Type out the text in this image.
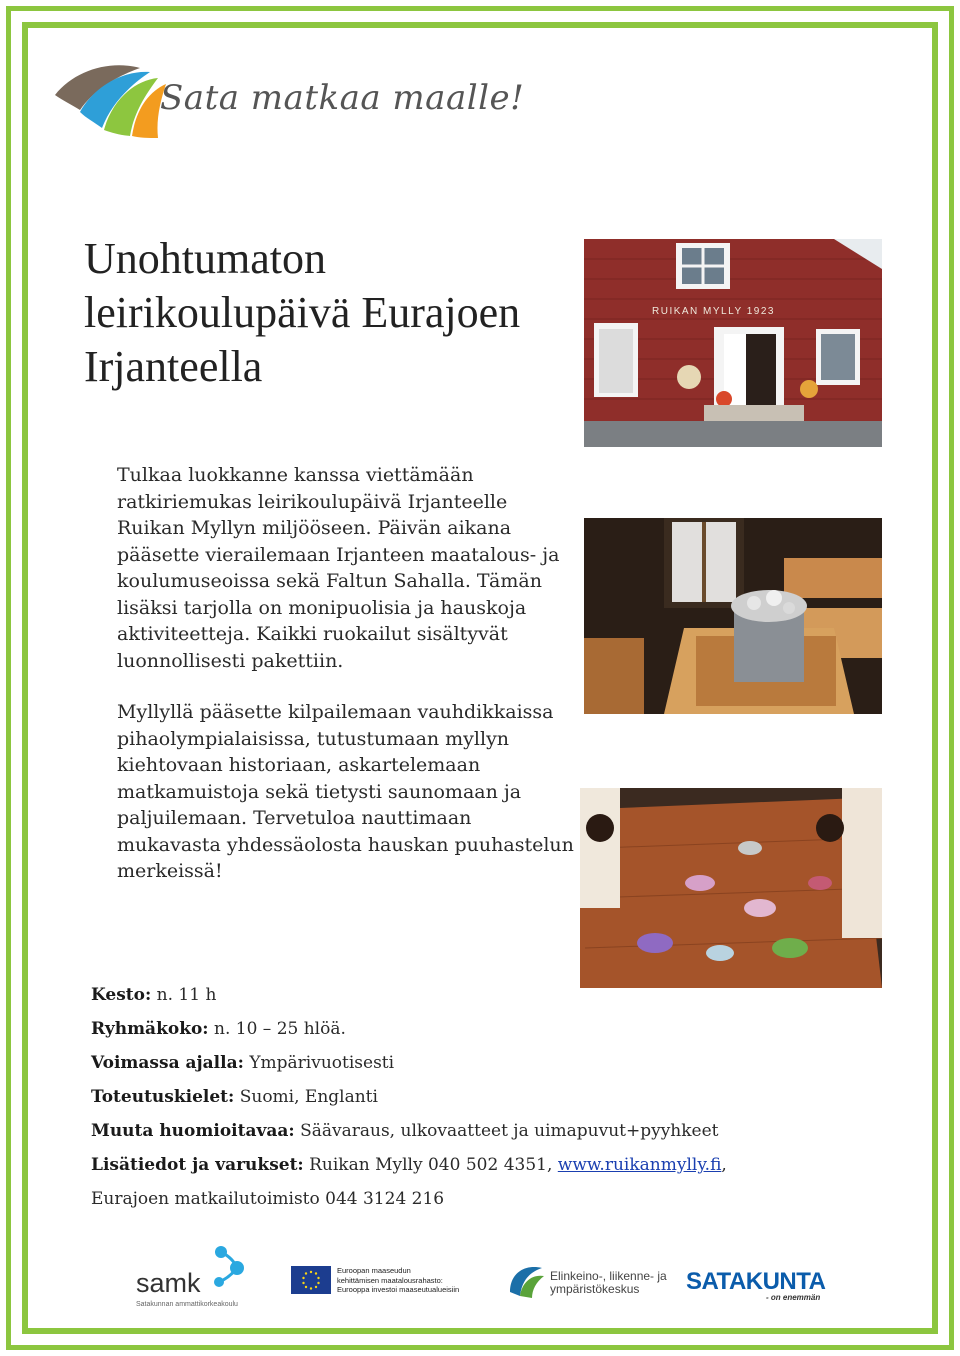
Sata matkaa maalle!
Unohtumaton leirikoulupäivä Eurajoen Irjanteella

Tulkaa luokkanne kanssa viettämään ratkiriemukas leirikoulupäivä Irjanteelle Ruikan Myllyn miljööseen. Päivän aikana pääsette vierailemaan Irjanteen maatalous- ja koulumuseoissa sekä Faltun Sahalla. Tämän lisäksi tarjolla on monipuolisia ja hauskoja aktiviteetteja. Kaikki ruokailut sisältyvät luonnollisesti pakettiin.

Myllyllä pääsette kilpailemaan vauhdikkaissa pihaolympialaisissa, tutustumaan myllyn kiehtovaan historiaan, askartelemaan matkamuistoja sekä tietysti saunomaan ja paljuilemaan. Tervetuloa nauttimaan mukavasta yhdessäolosta hauskan puuhastelun merkeissä!

RUIKAN MYLLY 1923
Kesto: n. 11 h
Ryhmäkoko: n. 10 – 25 hlöä.
Voimassa ajalla: Ympärivuotisesti
Toteutuskielet: Suomi, Englanti
Muuta huomioitavaa: Säävaraus, ulkovaatteet ja uimapuvut+pyyhkeet
Lisätiedot ja varukset: Ruikan Mylly 040 502 4351, www.ruikanmylly.fi,
Eurajoen matkailutoimisto 044 3124 216
samk
Satakunnan ammattikorkeakoulu
Euroopan maaseudun
kehittämisen maatalousrahasto:
Eurooppa investoi maaseutualueisiin
Elinkeino-, liikenne- ja
ympäristökeskus	SATAKUNTA
- on enemmän
